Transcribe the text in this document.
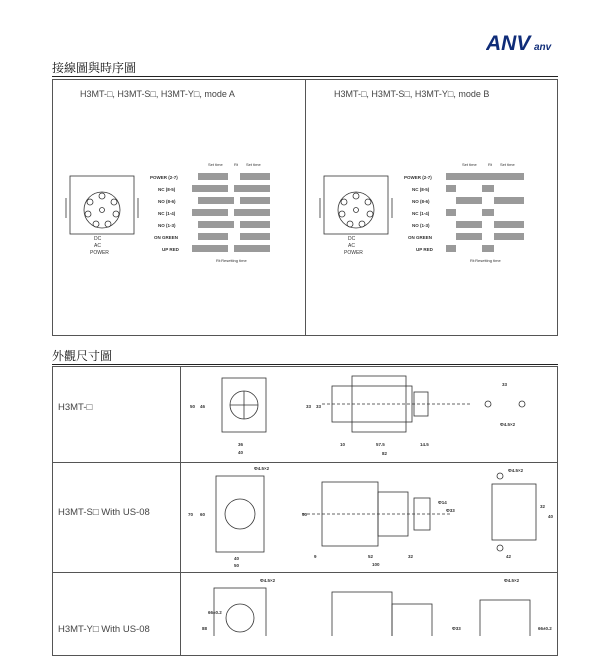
ANV anv
接線圖與時序圖
H3MT-□, H3MT-S□, H3MT-Y□, mode A	H3MT-□, H3MT-S□, H3MT-Y□, mode B
DC
AC
POWER
POWER (2-7)
NC (8-5)
NO (8-6)
NC (1-4)
NO (1-3)
ON GREEN
UP RED
Set time	Rt Set time
Rt:Resetting time
DC
AC
POWER
POWER (2-7)
NC (8-5)
NO (8-6)
NC (1-4)
NO (1-3)
ON GREEN
UP RED
Set time	Rt Set time
Rt:Resetting time
外觀尺寸圖
H3MT-□
H3MT-S□ With US-08
H3MT-Y□ With US-08
36
40
50 46	33 33
10	57.5	14.5
82
33
Φ4.5×2
Φ4.5×2
70 60
40
50
50
Φ14
Φ33
9	52	32
100
Φ4.5×2
32
40
42
Φ4.5×2
88
66±0.2
Φ4.5×2
Φ33	66±0.2
